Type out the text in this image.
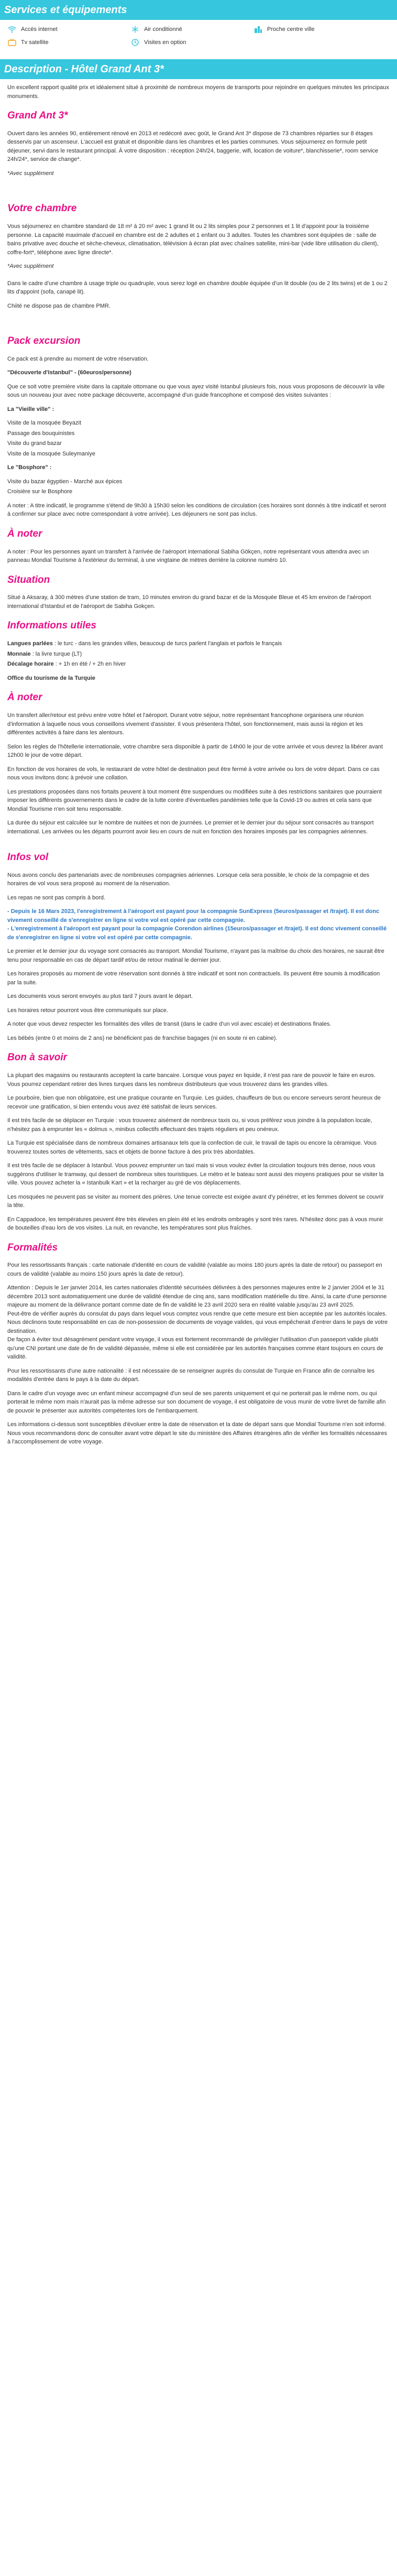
Services et équipements
Accès internet	Air conditionné	Proche centre ville
Tv satellite	Visites en option
Description - Hôtel Grand Ant 3*

Un excellent rapport qualité prix et idéalement situé à proximité de nombreux moyens de transports pour rejoindre en quelques minutes les principaux monuments.

Grand Ant 3*

Ouvert dans les années 90, entièrement rénové en 2013 et redécoré avec goût, le Grand Ant 3* dispose de 73 chambres réparties sur 8 étages desservis par un ascenseur. L'accueil est gratuit et disponible dans les chambres et les parties communes. Vous séjournerez en formule petit déjeuner, servi dans le restaurant principal. À votre disposition : réception 24h/24, baggerie, wifi, location de voiture*, blanchisserie*, room service 24h/24*, service de change*.

*Avec supplément

Votre chambre

Vous séjournerez en chambre standard de 18 m² à 20 m² avec 1 grand lit ou 2 lits simples pour 2 personnes et 1 lit d'appoint pour la troisième personne. La capacité maximale d'accueil en chambre est de 2 adultes et 1 enfant ou 3 adultes. Toutes les chambres sont équipées de : salle de bains privative avec douche et sèche-cheveux, climatisation, télévision à écran plat avec chaînes satellite, mini-bar (vide libre utilisation du client), coffre-fort*, téléphone avec ligne directe*.

*Avec supplément

Dans le cadre d'une chambre à usage triple ou quadruple, vous serez logé en chambre double équipée d'un lit double (ou de 2 lits twins) et de 1 ou 2 lits d'appoint (sofa, canapé lit).

Chiité ne dispose pas de chambre PMR.

Pack excursion

Ce pack est à prendre au moment de votre réservation.

"Découverte d'Istanbul" - (60euros/personne)

Que ce soit votre première visite dans la capitale ottomane ou que vous ayez visité Istanbul plusieurs fois, nous vous proposons de découvrir la ville sous un nouveau jour avec notre package découverte, accompagné d'un guide francophone et composé des visites suivantes :

La "Vieille ville" :

Visite de la mosquée Beyazit

Passage des bouquinistes

Visite du grand bazar

Visite de la mosquée Suleymaniye

Le "Bosphore" :

Visite du bazar égyptien - Marché aux épices

Croisière sur le Bosphore

A noter : A titre indicatif, le programme s'étend de 9h30 à 15h30 selon les conditions de circulation (ces horaires sont donnés à titre indicatif et seront à confirmer sur place avec notre correspondant à votre arrivée). Les déjeuners ne sont pas inclus.

À noter

A noter : Pour les personnes ayant un transfert à l'arrivée de l'aéroport international Sabiha Gökçen, notre représentant vous attendra avec un panneau Mondial Tourisme à l'extérieur du terminal, à une vingtaine de mètres derrière la colonne numéro 10.

Situation

Situé à Aksaray, à 300 mètres d'une station de tram, 10 minutes environ du grand bazar et de la Mosquée Bleue et 45 km environ de l'aéroport international d'Istanbul et de l'aéroport de Sabiha Gokçen.

Informations utiles

Langues parlées : le turc - dans les grandes villes, beaucoup de turcs parlent l'anglais et parfois le français

Monnaie : la livre turque (LT)

Décalage horaire : + 1h en été / + 2h en hiver

Office du tourisme de la Turquie

À noter

Un transfert aller/retour est prévu entre votre hôtel et l'aéroport. Durant votre séjour, notre représentant francophone organisera une réunion d'information à laquelle nous vous conseillons vivement d'assister. Il vous présentera l'hôtel, son fonctionnement, mais aussi la région et les différentes activités à faire dans les alentours.

Selon les règles de l'hôtellerie internationale, votre chambre sera disponible à partir de 14h00 le jour de votre arrivée et vous devrez la libérer avant 12h00 le jour de votre départ.

En fonction de vos horaires de vols, le restaurant de votre hôtel de destination peut être fermé à votre arrivée ou lors de votre départ. Dans ce cas nous vous invitons donc à prévoir une collation.

Les prestations proposées dans nos fortaits peuvent à tout moment être suspendues ou modifiées suite à des restrictions sanitaires que pourraient imposer les différents gouvernements dans le cadre de la lutte contre d'éventuelles pandémies telle que la Covid-19 ou autres et cela sans que Mondial Tourisme n'en soit tenu responsable.

La durée du séjour est calculée sur le nombre de nuitées et non de journées. Le premier et le dernier jour du séjour sont consacrés au transport international. Les arrivées ou les départs pourront avoir lieu en cours de nuit en fonction des horaires imposés par les compagnies aériennes.

Infos vol

Nous avons conclu des partenariats avec de nombreuses compagnies aériennes. Lorsque cela sera possible, le choix de la compagnie et des horaires de vol vous sera proposé au moment de la réservation.

Les repas ne sont pas compris à bord.

- Depuis le 16 Mars 2023, l'enregistrement à l'aéroport est payant pour la compagnie SunExpress (5euros/passager et /trajet). Il est donc vivement conseillé de s'enregistrer en ligne si votre vol est opéré par cette compagnie.

- L'enregistrement à l'aéroport est payant pour la compagnie Corendon airlines (15euros/passager et /trajet). Il est donc vivement conseillé de s'enregistrer en ligne si votre vol est opéré par cette compagnie.

Le premier et le dernier jour du voyage sont consacrés au transport. Mondial Tourisme, n'ayant pas la maîtrise du choix des horaires, ne saurait être tenu pour responsable en cas de départ tardif et/ou de retour matinal le dernier jour.

Les horaires proposés au moment de votre réservation sont donnés à titre indicatif et sont non contractuels. Ils peuvent être soumis à modification par la suite.

Les documents vous seront envoyés au plus tard 7 jours avant le départ.

Les horaires retour pourront vous être communiqués sur place.

A noter que vous devez respecter les formalités des villes de transit (dans le cadre d'un vol avec escale) et destinations finales.

Les bébés (entre 0 et moins de 2 ans) ne bénéficient pas de franchise bagages (ni en soute ni en cabine).

Bon à savoir

La plupart des magasins ou restaurants acceptent la carte bancaire. Lorsque vous payez en liquide, il n'est pas rare de pouvoir le faire en euros. Vous pourrez cependant retirer des livres turques dans les nombreux distributeurs que vous trouverez dans les grandes villes.

Le pourboire, bien que non obligatoire, est une pratique courante en Turquie. Les guides, chauffeurs de bus ou encore serveurs seront heureux de recevoir une gratification, si bien entendu vous avez été satisfait de leurs services.

Il est très facile de se déplacer en Turquie : vous trouverez aisément de nombreux taxis ou, si vous préférez vous joindre à la population locale, n'hésitez pas à emprunter les « dolmus », minibus collectifs effectuant des trajets réguliers et peu onéreux.

La Turquie est spécialisée dans de nombreux domaines artisanaux tels que la confection de cuir, le travail de tapis ou encore la céramique. Vous trouverez toutes sortes de vêtements, sacs et objets de bonne facture à des prix très abordables.

Il est très facile de se déplacer à Istanbul. Vous pouvez emprunter un taxi mais si vous voulez éviter la circulation toujours très dense, nous vous suggérons d'utiliser le tramway, qui dessert de nombreux sites touristiques. Le métro et le bateau sont aussi des moyens pratiques pour se visiter la ville. Vous pouvez acheter la « Istanbulk Kart » et la recharger au gré de vos déplacements.

Les mosquées ne peuvent pas se visiter au moment des prières. Une tenue correcte est exigée avant d'y pénétrer, et les femmes doivent se couvrir la tête.

En Cappadoce, les températures peuvent être très élevées en plein été et les endroits ombragés y sont très rares. N'hésitez donc pas à vous munir de bouteilles d'eau lors de vos visites. La nuit, en revanche, les températures sont plus fraîches.

Formalités

Pour les ressortissants français : carte nationale d'identité en cours de validité (valable au moins 180 jours après la date de retour) ou passeport en cours de validité (valable au moins 150 jours après la date de retour).

Attention : Depuis le 1er janvier 2014, les cartes nationales d'identité sécurisées délivrées à des personnes majeures entre le 2 janvier 2004 et le 31 décembre 2013 sont automatiquement une durée de validité étendue de cinq ans, sans modification matérielle du titre. Ainsi, la carte d'une personne majeure au moment de la délivrance portant comme date de fin de validité le 23 avril 2020 sera en réalité valable jusqu'au 23 avril 2025.
Peut-être de vérifier auprès du consulat du pays dans lequel vous comptez vous rendre que cette mesure est bien acceptée par les autorités locales.
Nous déclinons toute responsabilité en cas de non-possession de documents de voyage valides, qui vous empêcherait d'entrer dans le pays de votre destination.
De façon à éviter tout désagrément pendant votre voyage, il vous est fortement recommandé de privilégier l'utilisation d'un passeport valide plutôt qu'une CNI portant une date de fin de validité dépassée, même si elle est considérée par les autorités françaises comme étant toujours en cours de validité.

Pour les ressortissants d'une autre nationalité : il est nécessaire de se renseigner auprès du consulat de Turquie en France afin de connaître les modalités d'entrée dans le pays à la date du départ.

Dans le cadre d'un voyage avec un enfant mineur accompagné d'un seul de ses parents uniquement et qui ne porterait pas le même nom, ou qui porterait le même nom mais n'aurait pas la même adresse sur son document de voyage, il est obligatoire de vous munir de votre livret de famille afin de pouvoir le présenter aux autorités compétentes lors de l'embarquement.

Les informations ci-dessus sont susceptibles d'évoluer entre la date de réservation et la date de départ sans que Mondial Tourisme n'en soit informé. Nous vous recommandons donc de consulter avant votre départ le site du ministère des Affaires étrangères afin de vérifier les formalités nécessaires à l'accomplissement de votre voyage.
